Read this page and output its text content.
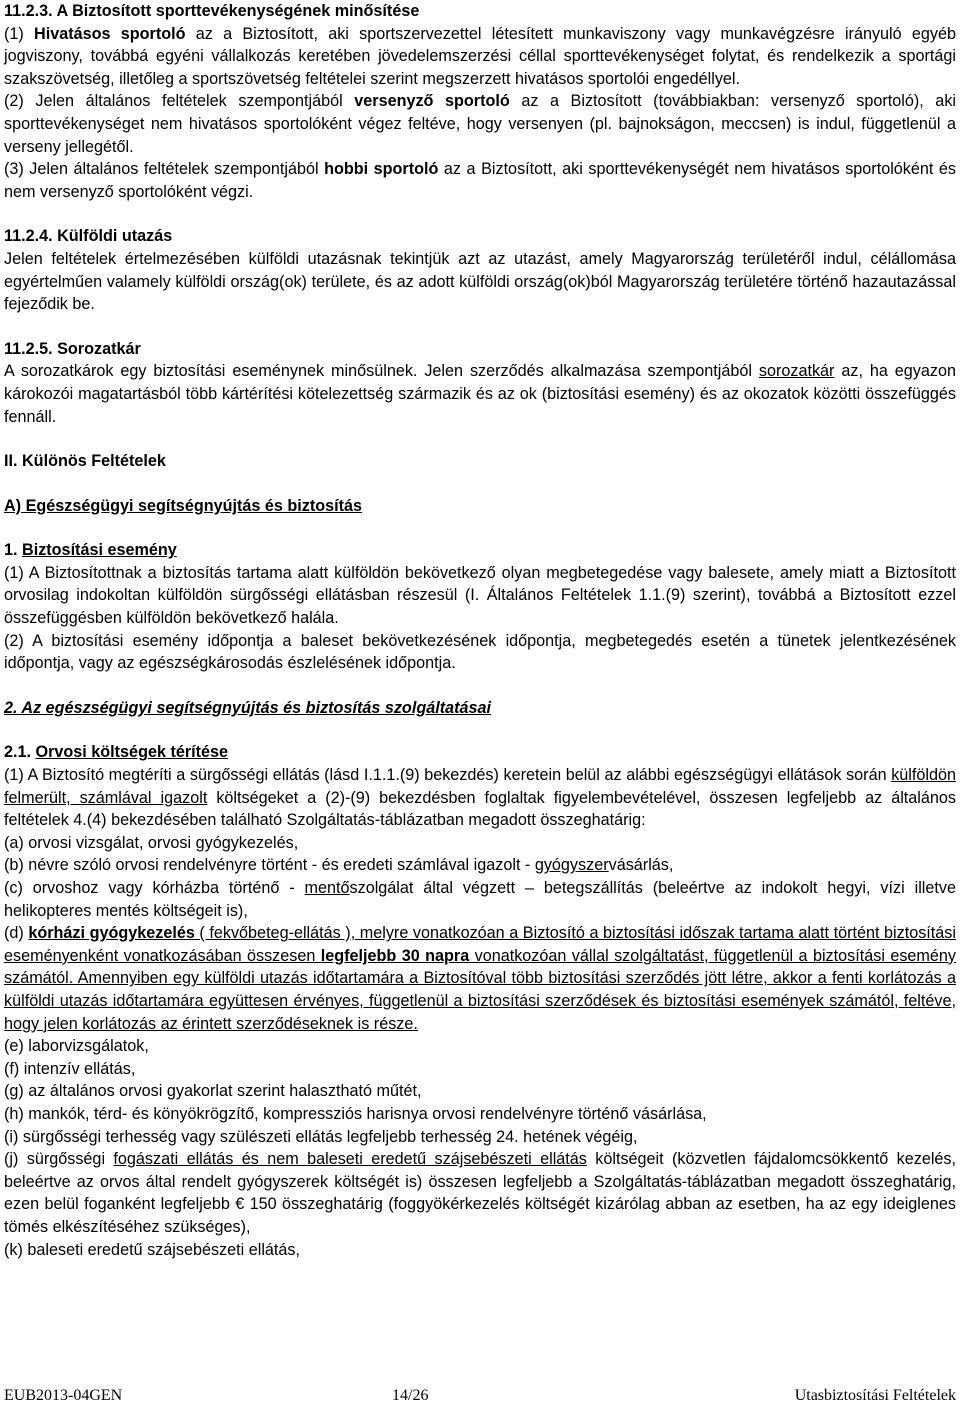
11.2.3. A Biztosított sporttevékenységének minősítése

(1) Hivatásos sportoló az a Biztosított, aki sportszervezettel létesített munkaviszony vagy munkavégzésre irányuló egyéb jogviszony, továbbá egyéni vállalkozás keretében jövedelemszerzési céllal sporttevékenységet folytat, és rendelkezik a sportági szakszövetség, illetőleg a sportszövetség feltételei szerint megszerzett hivatásos sportolói engedéllyel.

(2) Jelen általános feltételek szempontjából versenyző sportoló az a Biztosított (továbbiakban: versenyző sportoló), aki sporttevékenységet nem hivatásos sportolóként végez feltéve, hogy versenyen (pl. bajnokságon, meccsen) is indul, függetlenül a verseny jellegétől.

(3) Jelen általános feltételek szempontjából hobbi sportoló az a Biztosított, aki sporttevékenységét nem hivatásos sportolóként és nem versenyző sportolóként végzi.

11.2.4. Külföldi utazás

Jelen feltételek értelmezésében külföldi utazásnak tekintjük azt az utazást, amely Magyarország területéről indul, célállomása egyértelműen valamely külföldi ország(ok) területe, és az adott külföldi ország(ok)ból Magyarország területére történő hazautazással fejeződik be.

11.2.5. Sorozatkár

A sorozatkárok egy biztosítási eseménynek minősülnek. Jelen szerződés alkalmazása szempontjából sorozatkár az, ha egyazon károkozói magatartásból több kártérítési kötelezettség származik és az ok (biztosítási esemény) és az okozatok közötti összefüggés fennáll.

II. Különös Feltételek

A) Egészségügyi segítségnyújtás és biztosítás

1. Biztosítási esemény

(1) A Biztosítottnak a biztosítás tartama alatt külföldön bekövetkező olyan megbetegedése vagy balesete, amely miatt a Biztosított orvosilag indokoltan külföldön sürgősségi ellátásban részesül (I. Általános Feltételek 1.1.(9) szerint), továbbá a Biztosított ezzel összefüggésben külföldön bekövetkező halála.

(2) A biztosítási esemény időpontja a baleset bekövetkezésének időpontja, megbetegedés esetén a tünetek jelentkezésének időpontja, vagy az egészségkárosodás észlelésének időpontja.

2. Az egészségügyi segítségnyújtás és biztosítás szolgáltatásai

2.1. Orvosi költségek térítése

(1) A Biztosító megtéríti a sürgősségi ellátás (lásd I.1.1.(9) bekezdés) keretein belül az alábbi egészségügyi ellátások során külföldön felmerült, számlával igazolt költségeket a (2)-(9) bekezdésben foglaltak figyelembevételével, összesen legfeljebb az általános feltételek 4.(4) bekezdésében található Szolgáltatás-táblázatban megadott összeghatárig:

(a) orvosi vizsgálat, orvosi gyógykezelés,

(b) névre szóló orvosi rendelvényre történt - és eredeti számlával igazolt - gyógyszervásárlás,

(c) orvoshoz vagy kórházba történő - mentőszolgálat által végzett – betegszállítás (beleértve az indokolt hegyi, vízi illetve helikopteres mentés költségeit is),

(d) kórházi gyógykezelés ( fekvőbeteg-ellátás ), melyre vonatkozóan a Biztosító a biztosítási időszak tartama alatt történt biztosítási eseményenként vonatkozásában összesen legfeljebb 30 napra vonatkozóan vállal szolgáltatást, függetlenül a biztosítási esemény számától. Amennyiben egy külföldi utazás időtartamára a Biztosítóval több biztosítási szerződés jött létre, akkor a fenti korlátozás a külföldi utazás időtartamára együttesen érvényes, függetlenül a biztosítási szerződések és biztosítási események számától, feltéve, hogy jelen korlátozás az érintett szerződéseknek is része.

(e) laborvizsgálatok,

(f) intenzív ellátás,

(g) az általános orvosi gyakorlat szerint halasztható műtét,

(h) mankók, térd- és könyökrögzítő, kompressziós harisnya orvosi rendelvényre történő vásárlása,

(i) sürgősségi terhesség vagy szülészeti ellátás legfeljebb terhesség 24. hetének végéig,

(j) sürgősségi fogászati ellátás és nem baleseti eredetű szájsebészeti ellátás költségeit (közvetlen fájdalomcsökkentő kezelés, beleértve az orvos által rendelt gyógyszerek költségét is) összesen legfeljebb a Szolgáltatás-táblázatban megadott összeghatárig, ezen belül foganként legfeljebb € 150 összeghatárig (foggyökérkezelés költségét kizárólag abban az esetben, ha az egy ideiglenes tömés elkészítéséhez szükséges),

(k) baleseti eredetű szájsebészeti ellátás,

EUB2013-04GEN	14/26	Utasbiztosítási Feltételek
